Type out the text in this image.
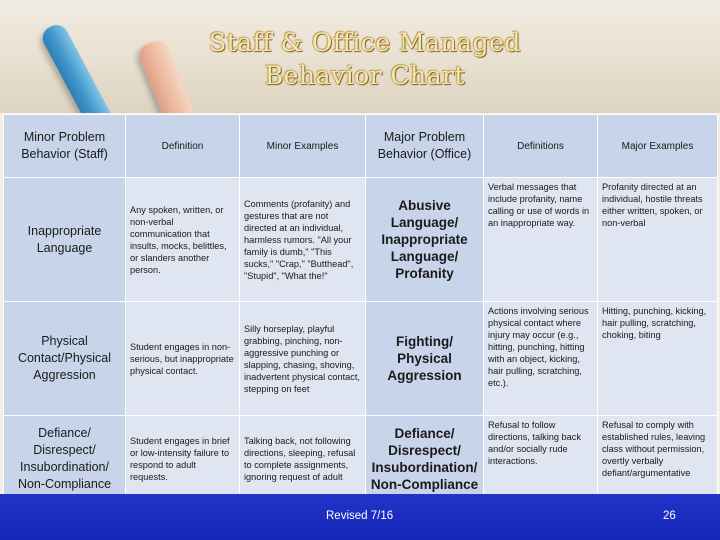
Staff & Office Managed
Behavior Chart
Minor Problem Behavior (Staff)	Definition	Minor Examples	Major Problem Behavior (Office)	Definitions	Major Examples
Inappropriate Language	Any spoken, written, or non-verbal communication that insults, mocks, belittles, or slanders another person.	Comments (profanity) and gestures that are not directed at an individual, harmless rumors. "All your family is dumb," "This sucks," "Crap," "Butthead", "Stupid", "What the!"	Abusive Language/ Inappropriate Language/ Profanity	Verbal messages that include profanity, name calling or use of words in an inappropriate way.	Profanity directed at an individual, hostile threats either written, spoken, or non-verbal
Physical Contact/Physical Aggression	Student engages in non-serious, but inappropriate physical contact.	Silly horseplay, playful grabbing, pinching, non-aggressive punching or slapping, chasing, shoving, inadvertent physical contact, stepping on feet	Fighting/ Physical Aggression	Actions involving serious physical contact where injury may occur (e.g., hitting, punching, hitting with an object, kicking, hair pulling, scratching, etc.).	Hitting, punching, kicking, hair pulling, scratching, choking, biting
Defiance/ Disrespect/ Insubordination/ Non-Compliance	Student engages in brief or low-intensity failure to respond to adult requests.	Talking back, not following directions, sleeping, refusal to complete assignments, ignoring request of adult	Defiance/ Disrespect/ Insubordination/ Non-Compliance	Refusal to follow directions, talking back and/or socially rude interactions.	Refusal to comply with established rules, leaving class without permission, overtly verbally defiant/argumentative
Revised 7/16	26
